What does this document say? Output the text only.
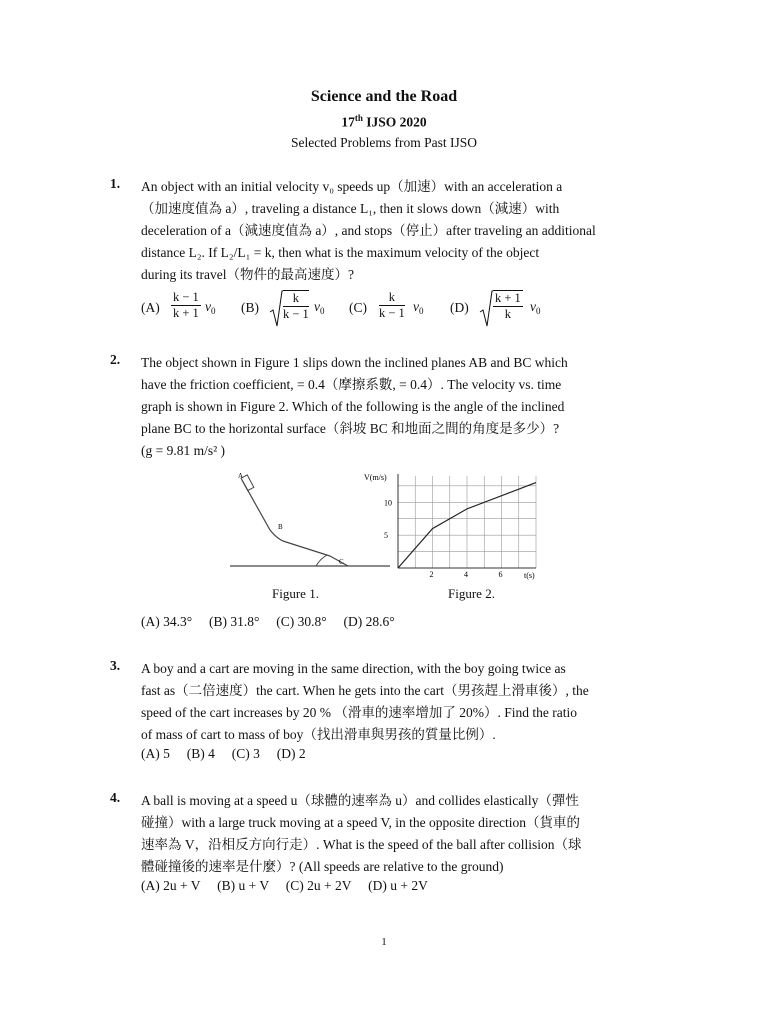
Science and the Road
17th IJSO 2020
Selected Problems from Past IJSO
1. An object with an initial velocity v₀ speeds up（加速）with an acceleration a
（加速度值為 a）, traveling a distance L₁, then it slows down（減速）with
deceleration of a（減速度值為 a）, and stops（停止）after traveling an additional
distance L₂. If L₂/L₁ = k, then what is the maximum velocity of the object
during its travel（物件的最高速度）?
$(A) \frac{k - 1}{k + 1} v_0$ $(B) \frac{k}{k - 1} v_0$ $(C) \frac{k}{k - 1} v_0$ $(D) \frac{k + 1}{k} v_0$
2. The object shown in Figure 1 slips down the inclined planes AB and BC which
have the friction coefficient, = 0.4（摩擦系數, = 0.4）. The velocity vs. time
graph is shown in Figure 2. Which of the following is the angle of the inclined
plane BC to the horizontal surface（斜坡 BC 和地面之間的角度是多少）?
(g = 9.81 m/s² )
A
B
C
Figure 1.
V(m/s)
t(s)
2	4	6
5
10
Figure 2.
(A) 34.3°     (B) 31.8°     (C) 30.8°     (D) 28.6°
3. A boy and a cart are moving in the same direction, with the boy going twice as
fast as（二倍速度）the cart. When he gets into the cart（男孩趕上滑車後）, the
speed of the cart increases by 20 % （滑車的速率增加了 20%）. Find the ratio
of mass of cart to mass of boy（找出滑車與男孩的質量比例）.
(A) 5     (B) 4     (C) 3     (D) 2
4. A ball is moving at a speed u（球體的速率為 u）and collides elastically（彈性
碰撞）with a large truck moving at a speed V, in the opposite direction（貨車的
速率為 V，沿相反方向行走）. What is the speed of the ball after collision（球
體碰撞後的速率是什麼）? (All speeds are relative to the ground)
(A) 2u + V     (B) u + V     (C) 2u + 2V     (D) u + 2V
1
